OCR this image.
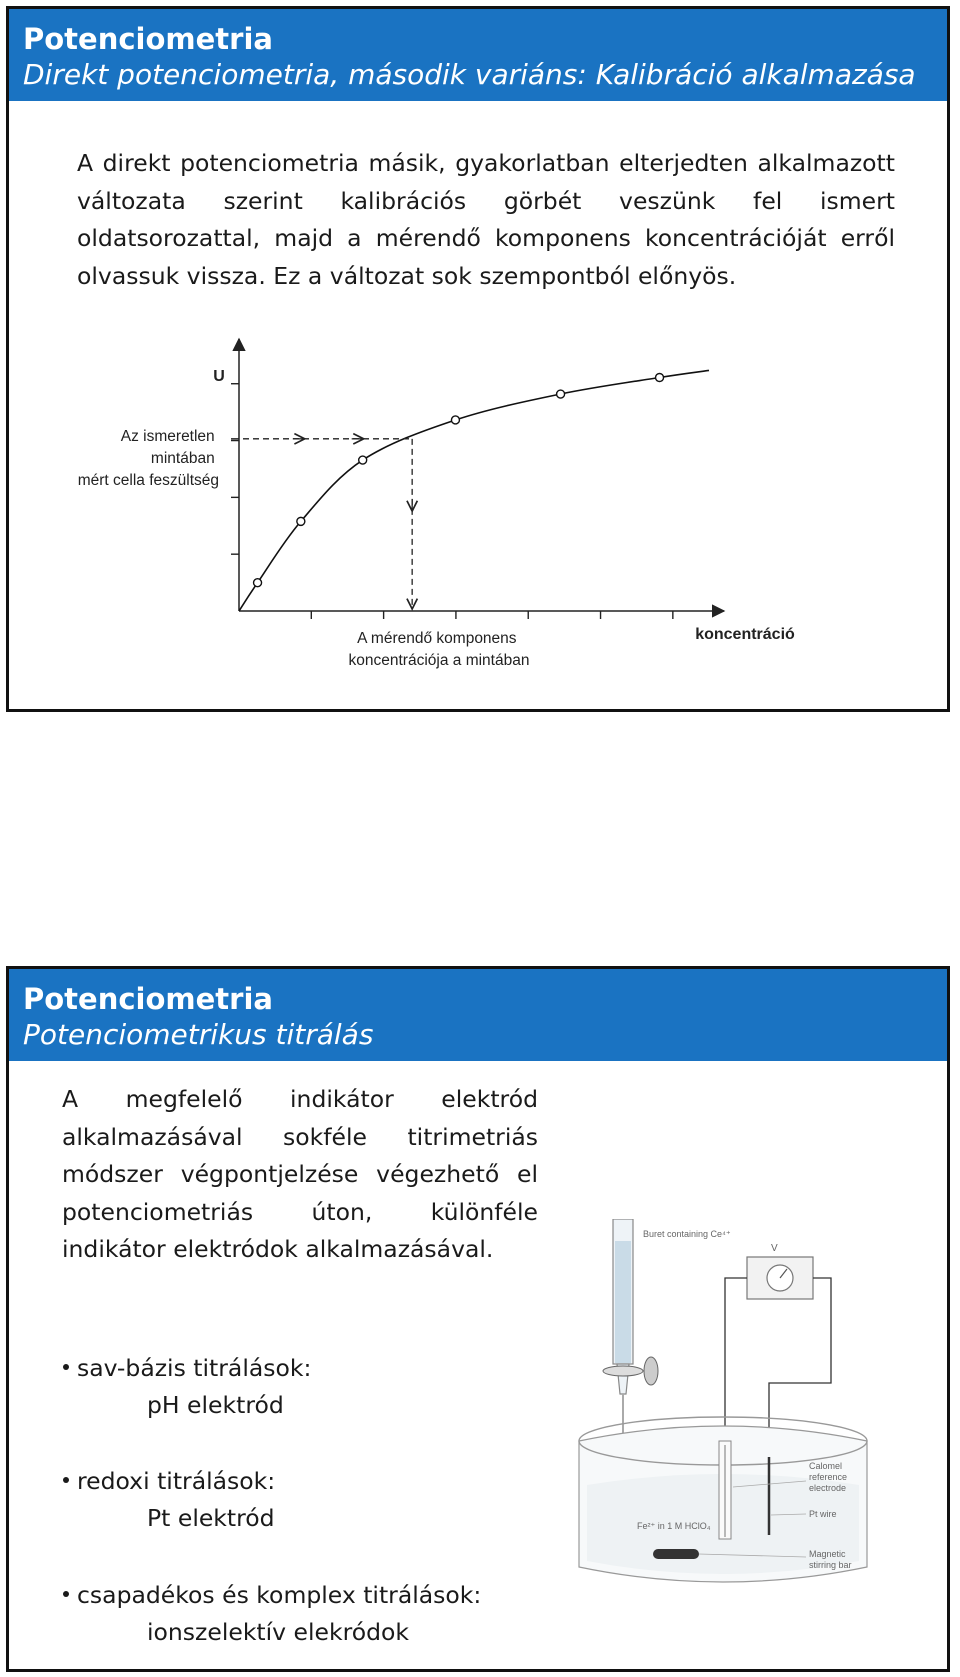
Potenciometria
Direkt potenciometria, második variáns: Kalibráció alkalmazása
A direkt potenciometria másik, gyakorlatban elterjedten alkalmazott
változata szerint kalibrációs görbét veszünk fel ismert
oldatsorozattal, majd a mérendő komponens koncentrációját erről
olvassuk vissza. Ez a változat sok szempontból előnyös.
U
koncentráció
Az ismeretlen mintában mért cella feszültség
A mérendő komponens koncentrációja a mintában
Potenciometria
Potenciometrikus titrálás
A megfelelő indikátor elektród
alkalmazásával sokféle titrimetriás
módszer végpontjelzése végezhető el
potenciometriás úton, különféle
indikátor elektródok alkalmazásával.
sav-bázis titrálások:
pH elektród
redoxi titrálások:
Pt elektród
csapadékos és komplex titrálások:
ionszelektív elekródok
Buret containing Ce⁴⁺
V
Fe²⁺ in 1 M HClO₄
Calomel reference electrode
Pt wire
Magnetic stirring bar
